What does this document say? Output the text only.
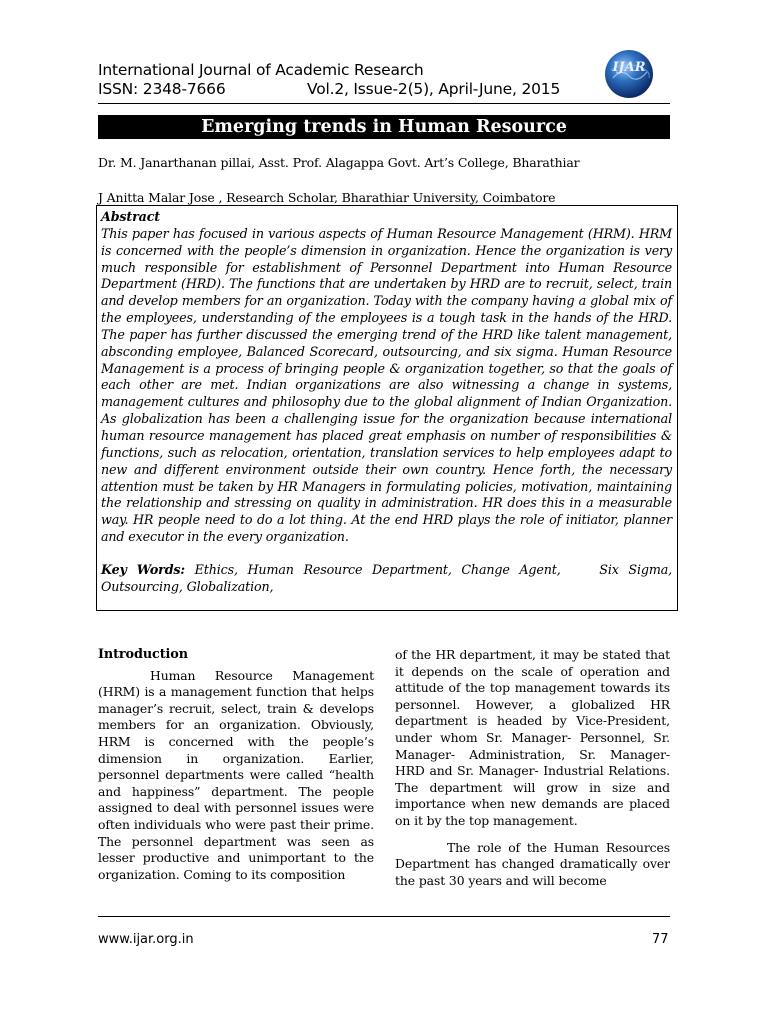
International Journal of Academic Research
ISSN: 2348-7666	Vol.2, Issue-2(5), April-June, 2015
IJAR
Emerging trends in Human Resource
Dr. M. Janarthanan pillai, Asst. Prof. Alagappa Govt. Art’s College, Bharathiar
J Anitta Malar Jose , Research Scholar, Bharathiar University, Coimbatore
Abstract
This paper has focused in various aspects of Human Resource Management (HRM). HRM is concerned with the people’s dimension in organization. Hence the organization is very much responsible for establishment of Personnel Department into Human Resource Department (HRD). The functions that are undertaken by HRD are to recruit, select, train and develop members for an organization. Today with the company having a global mix of the employees, understanding of the employees is a tough task in the hands of the HRD. The paper has further discussed the emerging trend of the HRD like talent management, absconding employee, Balanced Scorecard, outsourcing, and six sigma. Human Resource Management is a process of bringing people & organization together, so that the goals of each other are met. Indian organizations are also witnessing a change in systems, management cultures and philosophy due to the global alignment of Indian Organization. As globalization has been a challenging issue for the organization because international human resource management has placed great emphasis on number of responsibilities & functions, such as relocation, orientation, translation services to help employees adapt to new and different environment outside their own country. Hence forth, the necessary attention must be taken by HR Managers in formulating policies, motivation, maintaining the relationship and stressing on quality in administration. HR does this in a measurable way. HR people need to do a lot thing. At the end HRD plays the role of initiator, planner and executor in the every organization.
Key Words: Ethics, Human Resource Department, Change Agent,    Six Sigma, Outsourcing, Globalization,
Introduction
Human Resource Management (HRM) is a management function that helps manager’s recruit, select, train & develops members for an organization. Obviously, HRM is concerned with the people’s dimension in organization. Earlier, personnel departments were called “health and happiness” department. The people assigned to deal with personnel issues were often individuals who were past their prime. The personnel department was seen as lesser productive and unimportant to the organization. Coming to its composition
of the HR department, it may be stated that it depends on the scale of operation and attitude of the top management towards its personnel. However, a globalized HR department is headed by Vice-President, under whom Sr. Manager- Personnel, Sr. Manager- Administration, Sr. Manager- HRD and Sr. Manager- Industrial Relations. The department will grow in size and importance when new demands are placed on it by the top management.
The role of the Human Resources Department has changed dramatically over the past 30 years and will become
www.ijar.org.in	77
